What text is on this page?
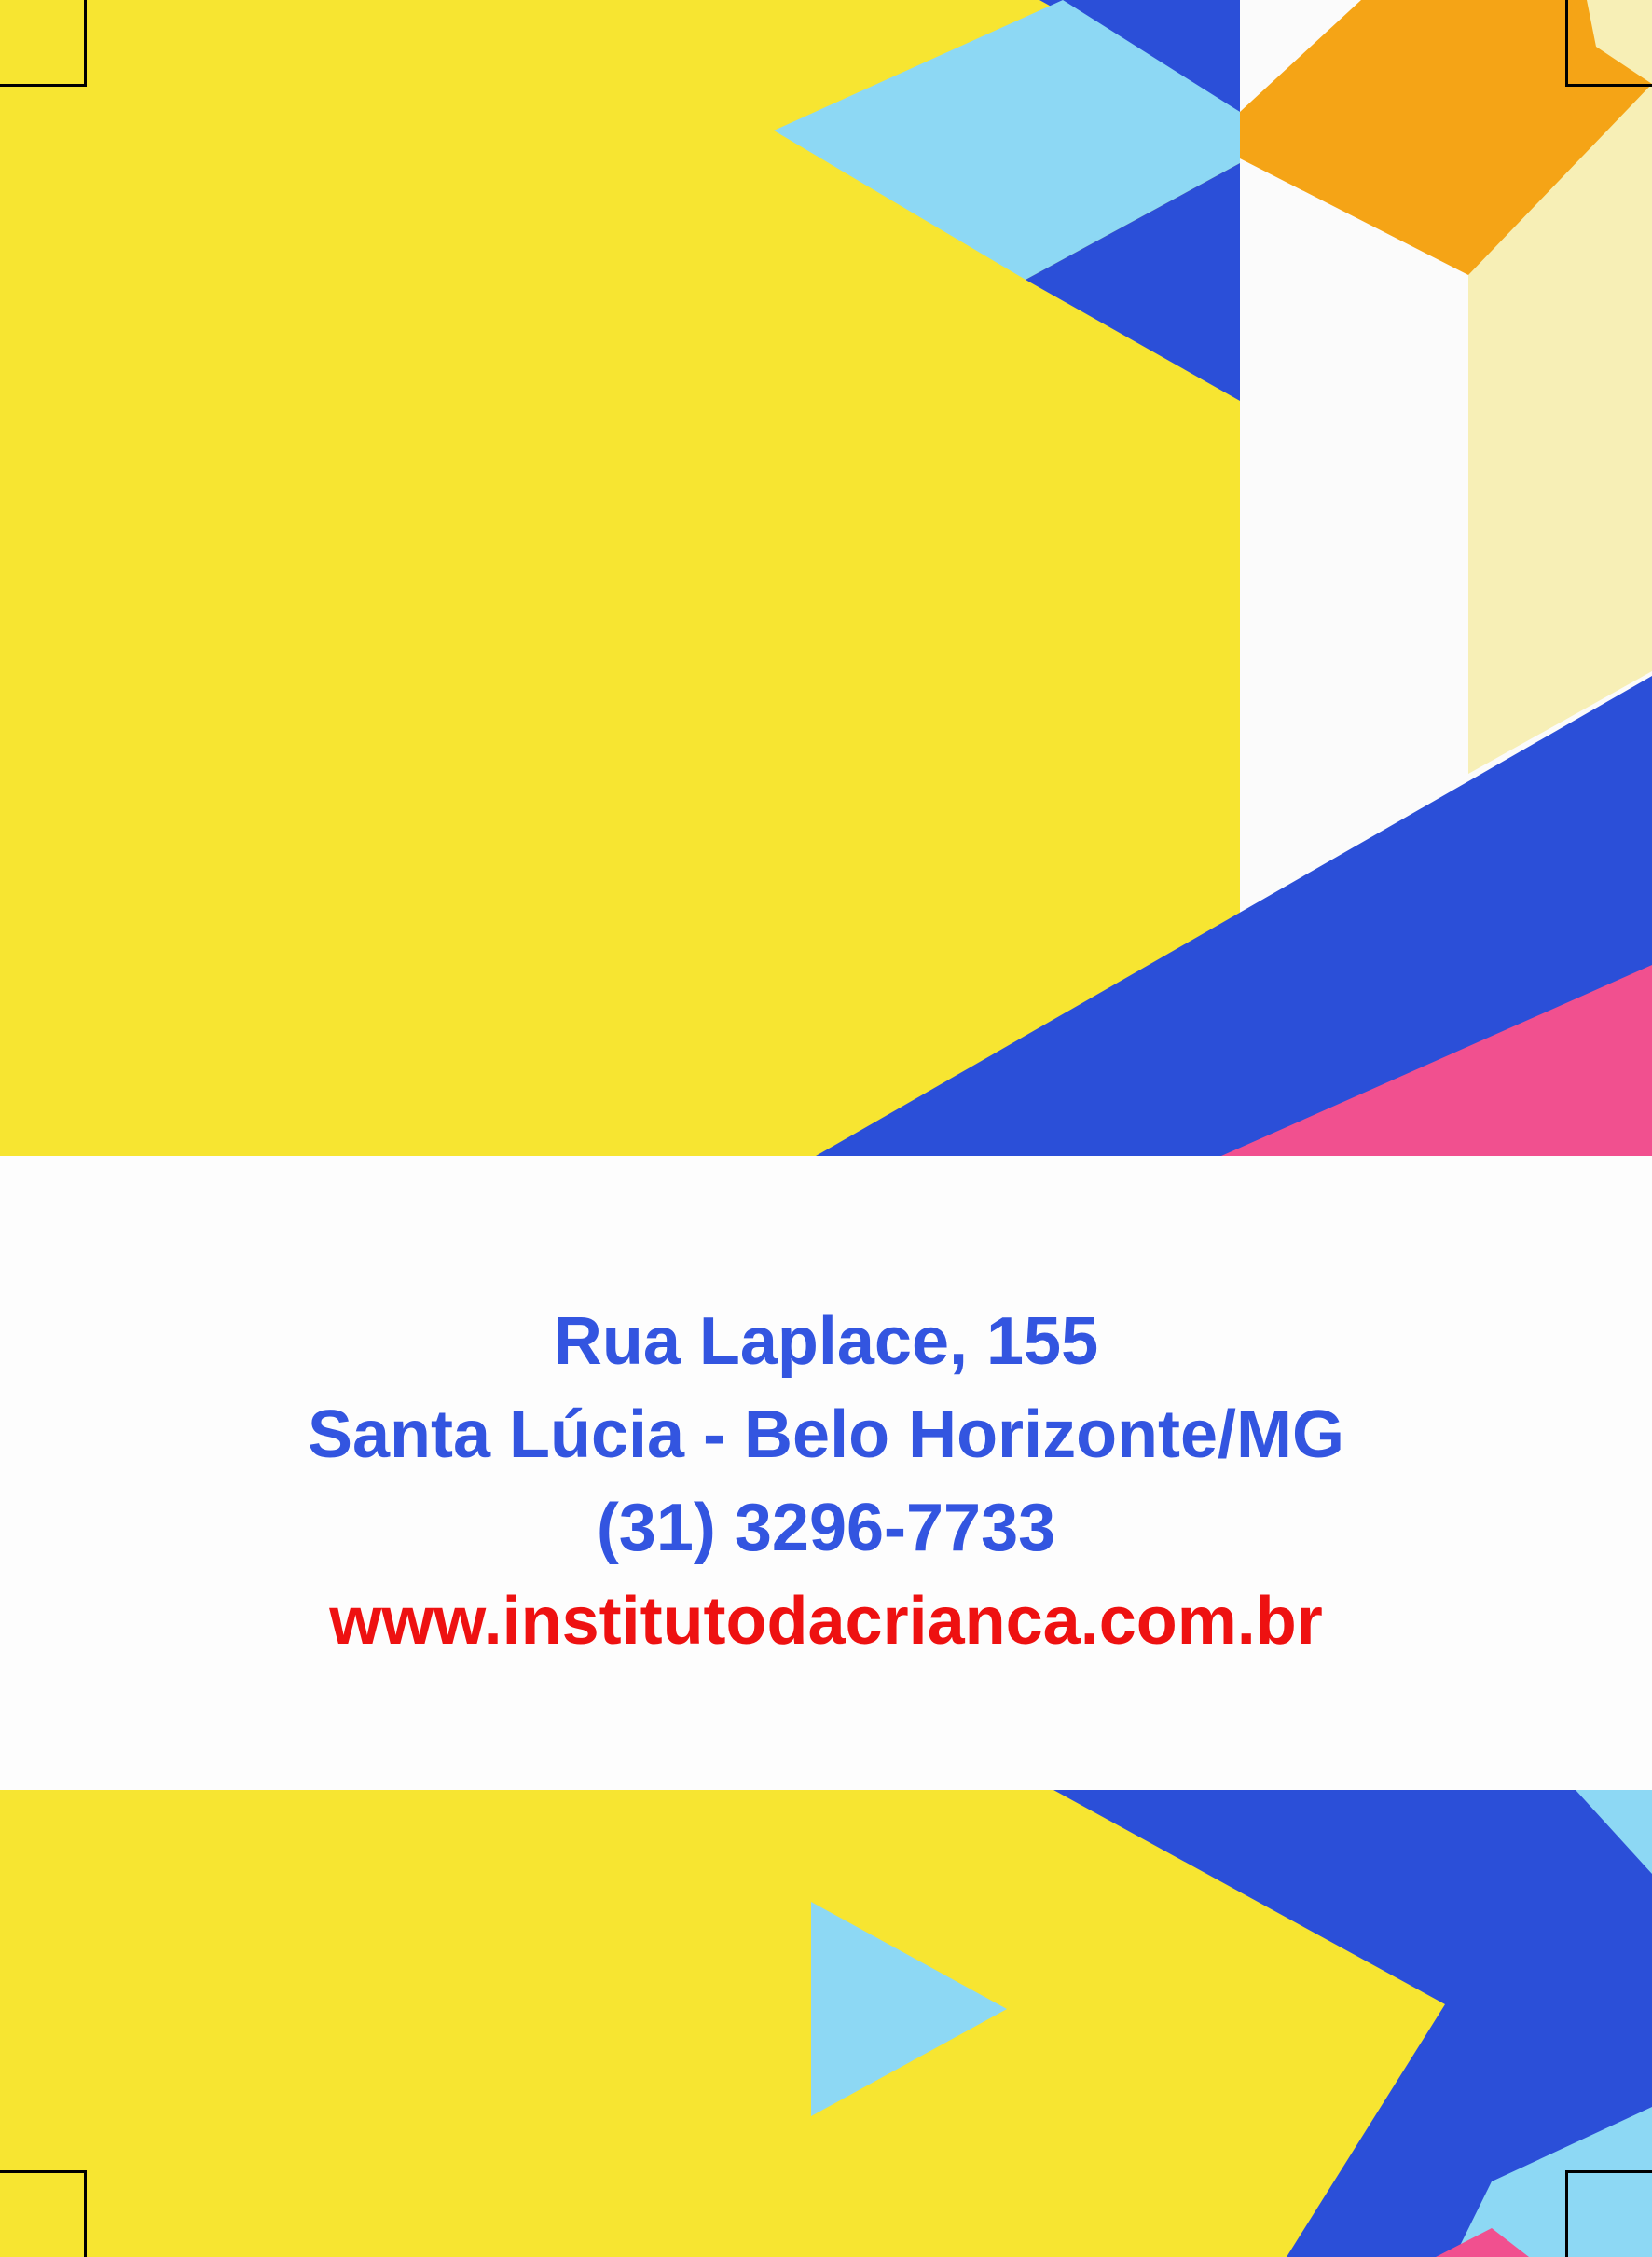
Rua Laplace, 155
Santa Lúcia - Belo Horizonte/MG
(31) 3296-7733
www.institutodacrianca.com.br
